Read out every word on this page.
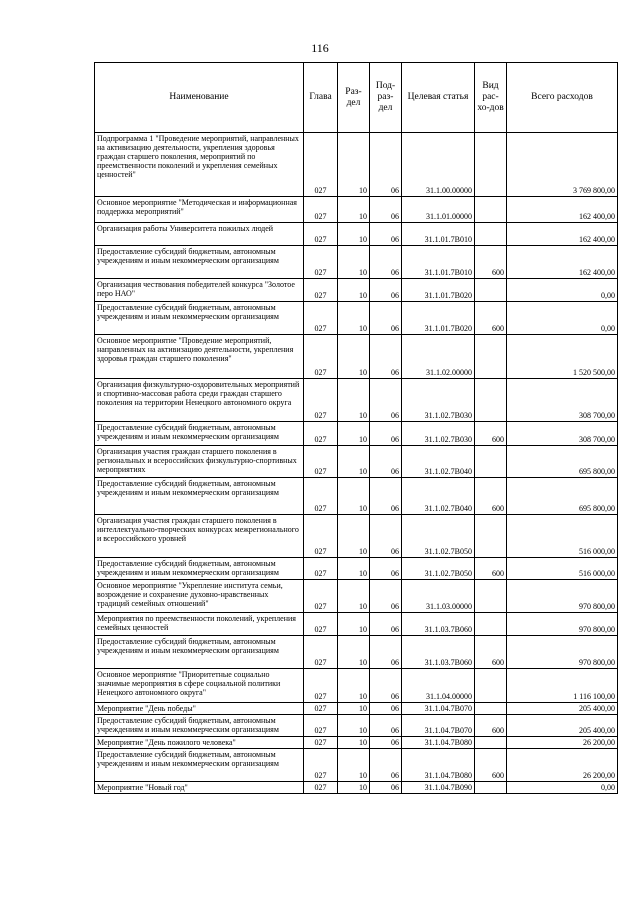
116
Наименование	Глава	Раз-дел	Под-раз-дел	Целевая статья	Вид рас-хо-дов	Всего расходов
Подпрограмма 1 "Проведение мероприятий, направленных на активизацию деятельности, укрепления здоровья граждан старшего поколения, мероприятий по преемственности поколений и укрепления семейных ценностей"	027	10	06	31.1.00.00000		3 769 800,00
Основное мероприятие "Методическая и информационная поддержка мероприятий"	027	10	06	31.1.01.00000		162 400,00
Организация работы Университета пожилых людей	027	10	06	31.1.01.7В010		162 400,00
Предоставление субсидий бюджетным, автономным учреждениям и иным некоммерческим организациям	027	10	06	31.1.01.7В010	600	162 400,00
Организация чествования победителей конкурса "Золотое перо НАО"	027	10	06	31.1.01.7В020		0,00
Предоставление субсидий бюджетным, автономным учреждениям и иным некоммерческим организациям	027	10	06	31.1.01.7В020	600	0,00
Основное мероприятие "Проведение мероприятий, направленных на активизацию деятельности, укрепления здоровья граждан старшего поколения"	027	10	06	31.1.02.00000		1 520 500,00
Организация физкультурно-оздоровительных мероприятий и спортивно-массовая работа среди граждан старшего поколения на территории Ненецкого автономного округа	027	10	06	31.1.02.7В030		308 700,00
Предоставление субсидий бюджетным, автономным учреждениям и иным некоммерческим организациям	027	10	06	31.1.02.7В030	600	308 700,00
Организация участия граждан старшего поколения в региональных и всероссийских физкультурно-спортивных мероприятиях	027	10	06	31.1.02.7В040		695 800,00
Предоставление субсидий бюджетным, автономным учреждениям и иным некоммерческим организациям	027	10	06	31.1.02.7В040	600	695 800,00
Организация участия граждан старшего поколения в интеллектуально-творческих конкурсах межрегионального и всероссийского уровней	027	10	06	31.1.02.7В050		516 000,00
Предоставление субсидий бюджетным, автономным учреждениям и иным некоммерческим организациям	027	10	06	31.1.02.7В050	600	516 000,00
Основное мероприятие "Укрепление института семьи, возрождение и сохранение духовно-нравственных традиций семейных отношений"	027	10	06	31.1.03.00000		970 800,00
Мероприятия по преемственности поколений, укрепления семейных ценностей	027	10	06	31.1.03.7В060		970 800,00
Предоставление субсидий бюджетным, автономным учреждениям и иным некоммерческим организациям	027	10	06	31.1.03.7В060	600	970 800,00
Основное мероприятие "Приоритетные социально значимые мероприятия в сфере социальной политики Ненецкого автономного округа"	027	10	06	31.1.04.00000		1 116 100,00
Мероприятие "День победы"	027	10	06	31.1.04.7В070		205 400,00
Предоставление субсидий бюджетным, автономным учреждениям и иным некоммерческим организациям	027	10	06	31.1.04.7В070	600	205 400,00
Мероприятие "День пожилого человека"	027	10	06	31.1.04.7В080		26 200,00
Предоставление субсидий бюджетным, автономным учреждениям и иным некоммерческим организациям	027	10	06	31.1.04.7В080	600	26 200,00
Мероприятие "Новый год"	027	10	06	31.1.04.7В090		0,00
